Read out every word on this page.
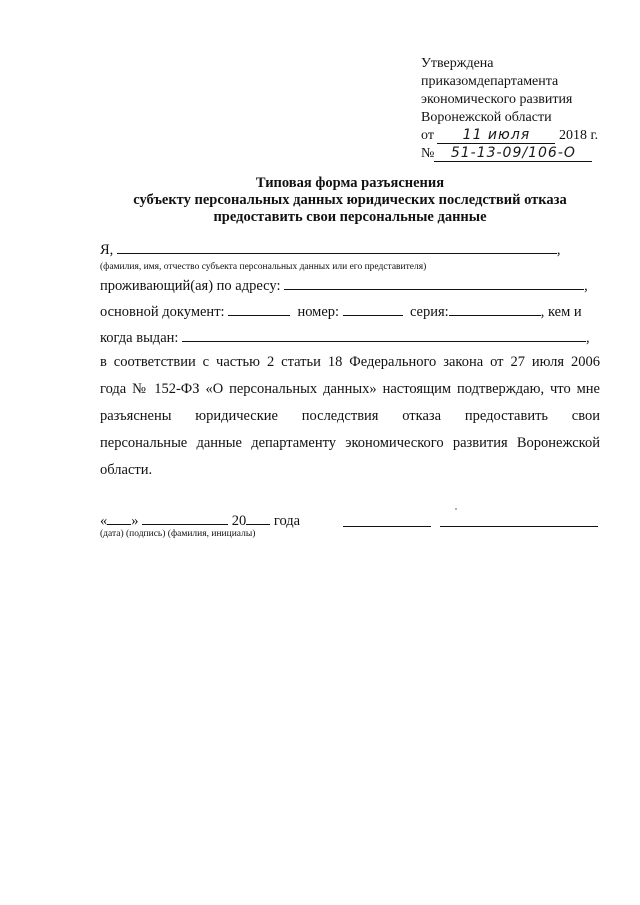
Утверждена
приказомдепартамента
экономического развития
Воронежской области
от 11 июля 2018 г.
№ 51-13-09/106-О
Типовая форма разъяснения
субъекту персональных данных юридических последствий отказа
предоставить свои персональные данные
Я,	,
(фамилия, имя, отчество субъекта персональных данных или его представителя)
проживающий(ая) по адресу:	,
основной документ:	номер:	серия:	, кем и
когда выдан:	,
в соответствии с частью 2 статьи 18 Федерального закона от 27 июля 2006
года № 152-ФЗ «О персональных данных» настоящим подтверждаю, что мне
разъяснены юридические последствия отказа предоставить свои
персональные данные департаменту экономического развития Воронежской
области.
« »	20 года
(дата) (подпись) (фамилия, инициалы)
